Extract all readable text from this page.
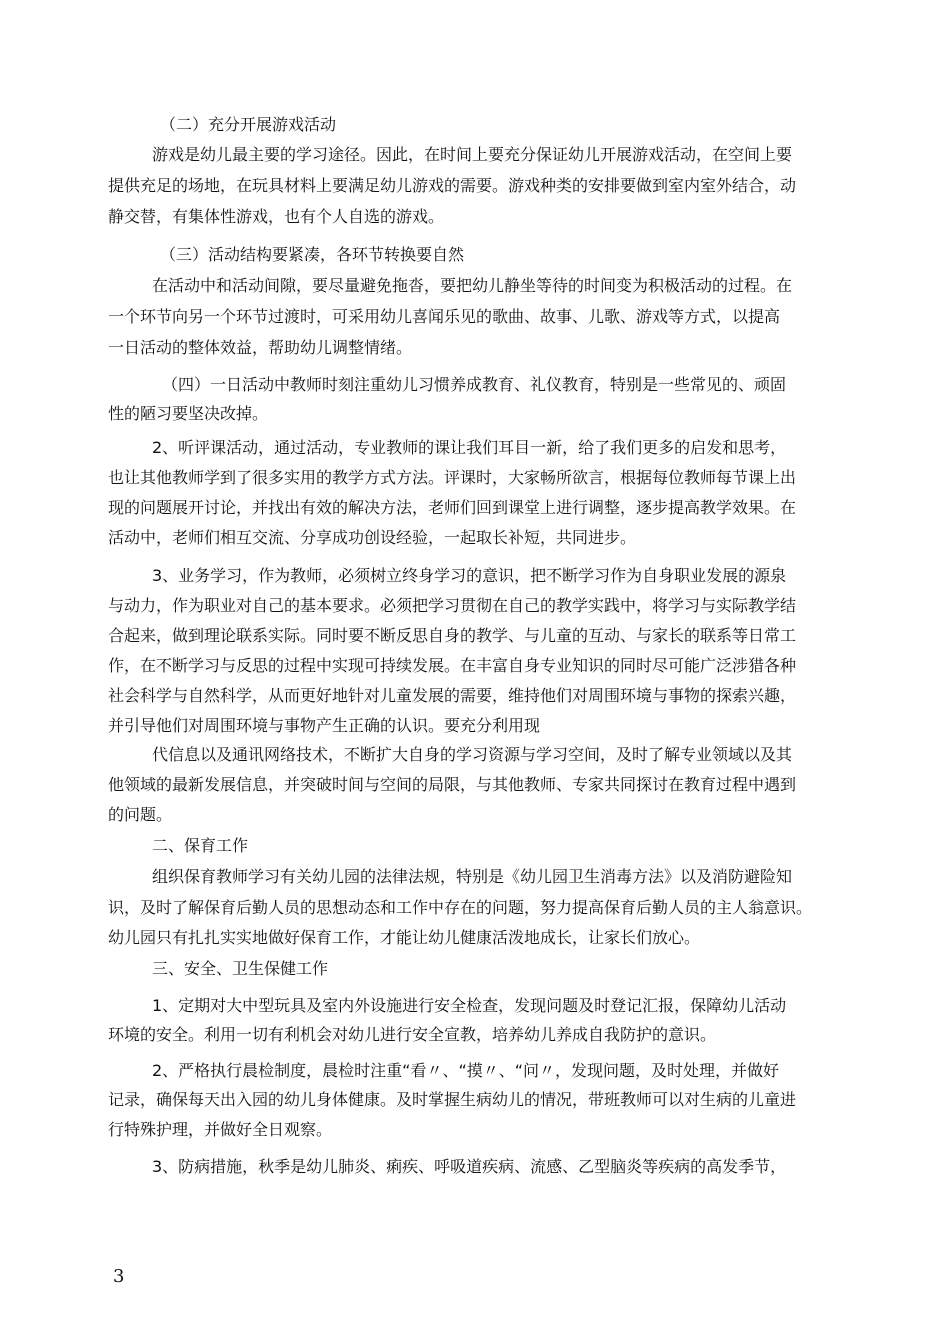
（二）充分开展游戏活动
游戏是幼儿最主要的学习途径。因此，在时间上要充分保证幼儿开展游戏活动，在空间上要
提供充足的场地，在玩具材料上要满足幼儿游戏的需要。游戏种类的安排要做到室内室外结合，动
静交替，有集体性游戏，也有个人自选的游戏。
（三）活动结构要紧凑，各环节转换要自然
在活动中和活动间隙，要尽量避免拖沓，要把幼儿静坐等待的时间变为积极活动的过程。在
一个环节向另一个环节过渡时，可采用幼儿喜闻乐见的歌曲、故事、儿歌、游戏等方式，以提高
一日活动的整体效益，帮助幼儿调整情绪。
（四）一日活动中教师时刻注重幼儿习惯养成教育、礼仪教育，特别是一些常见的、顽固
性的陋习要坚决改掉。
2、听评课活动，通过活动，专业教师的课让我们耳目一新，给了我们更多的启发和思考，
也让其他教师学到了很多实用的教学方式方法。评课时，大家畅所欲言，根据每位教师每节课上出
现的问题展开讨论，并找出有效的解决方法，老师们回到课堂上进行调整，逐步提高教学效果。在
活动中，老师们相互交流、分享成功创设经验，一起取长补短，共同进步。
3、业务学习，作为教师，必须树立终身学习的意识，把不断学习作为自身职业发展的源泉
与动力，作为职业对自己的基本要求。必须把学习贯彻在自己的教学实践中，将学习与实际教学结
合起来，做到理论联系实际。同时要不断反思自身的教学、与儿童的互动、与家长的联系等日常工
作，在不断学习与反思的过程中实现可持续发展。在丰富自身专业知识的同时尽可能广泛涉猎各种
社会科学与自然科学，从而更好地针对儿童发展的需要，维持他们对周围环境与事物的探索兴趣，
并引导他们对周围环境与事物产生正确的认识。要充分利用现
代信息以及通讯网络技术，不断扩大自身的学习资源与学习空间，及时了解专业领域以及其
他领域的最新发展信息，并突破时间与空间的局限，与其他教师、专家共同探讨在教育过程中遇到
的问题。
二、保育工作
组织保育教师学习有关幼儿园的法律法规，特别是《幼儿园卫生消毒方法》以及消防避险知
识，及时了解保育后勤人员的思想动态和工作中存在的问题，努力提高保育后勤人员的主人翁意识。
幼儿园只有扎扎实实地做好保育工作，才能让幼儿健康活泼地成长，让家长们放心。
三、安全、卫生保健工作
1、定期对大中型玩具及室内外设施进行安全检查，发现问题及时登记汇报，保障幼儿活动
环境的安全。利用一切有利机会对幼儿进行安全宣教，培养幼儿养成自我防护的意识。
2、严格执行晨检制度，晨检时注重“看〃、“摸〃、“问〃，发现问题，及时处理，并做好
记录，确保每天出入园的幼儿身体健康。及时掌握生病幼儿的情况，带班教师可以对生病的儿童进
行特殊护理，并做好全日观察。
3、防病措施，秋季是幼儿肺炎、痢疾、呼吸道疾病、流感、乙型脑炎等疾病的高发季节，
3
